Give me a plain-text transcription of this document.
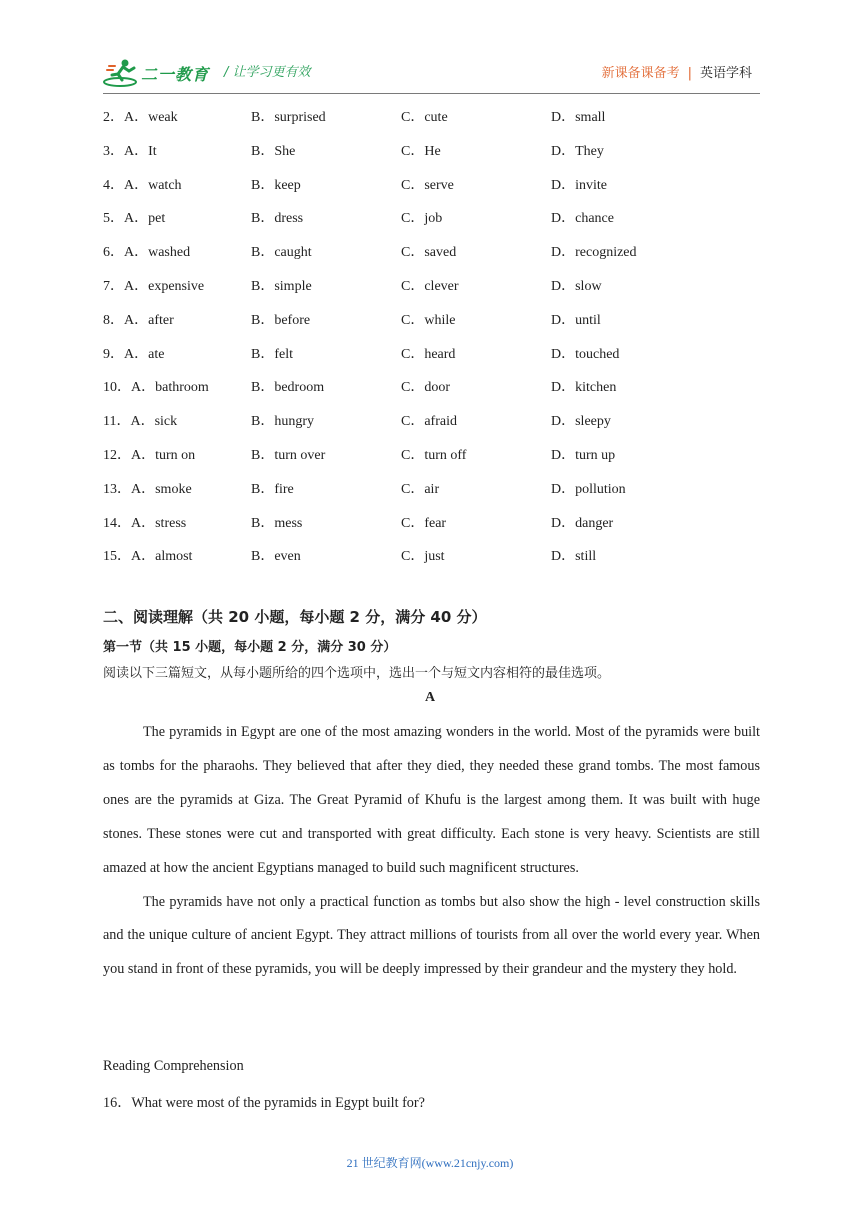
二一教育 / 让学习更有效	新课备课备考 | 英语学科
2．A．weak	B．surprised	C．cute	D．small
3．A．It	B．She	C．He	D．They
4．A．watch	B．keep	C．serve	D．invite
5．A．pet	B．dress	C．job	D．chance
6．A．washed	B．caught	C．saved	D．recognized
7．A．expensive	B．simple	C．clever	D．slow
8．A．after	B．before	C．while	D．until
9．A．ate	B．felt	C．heard	D．touched
10．A．bathroom	B．bedroom	C．door	D．kitchen
11．A．sick	B．hungry	C．afraid	D．sleepy
12．A．turn on	B．turn over	C．turn off	D．turn up
13．A．smoke	B．fire	C．air	D．pollution
14．A．stress	B．mess	C．fear	D．danger
15．A．almost	B．even	C．just	D．still
二、阅读理解（共 20 小题，每小题 2 分，满分 40 分）
第一节（共 15 小题，每小题 2 分，满分 30 分）
阅读以下三篇短文，从每小题所给的四个选项中，选出一个与短文内容相符的最佳选项。
A

The pyramids in Egypt are one of the most amazing wonders in the world. Most of the pyramids were built as tombs for the pharaohs. They believed that after they died, they needed these grand tombs. The most famous ones are the pyramids at Giza. The Great Pyramid of Khufu is the largest among them. It was built with huge stones. These stones were cut and transported with great difficulty. Each stone is very heavy. Scientists are still amazed at how the ancient Egyptians managed to build such magnificent structures.

The pyramids have not only a practical function as tombs but also show the high - level construction skills and the unique culture of ancient Egypt. They attract millions of tourists from all over the world every year. When you stand in front of these pyramids, you will be deeply impressed by their grandeur and the mystery they hold.

Reading Comprehension
16．What were most of the pyramids in Egypt built for?
21 世纪教育网(www.21cnjy.com)
